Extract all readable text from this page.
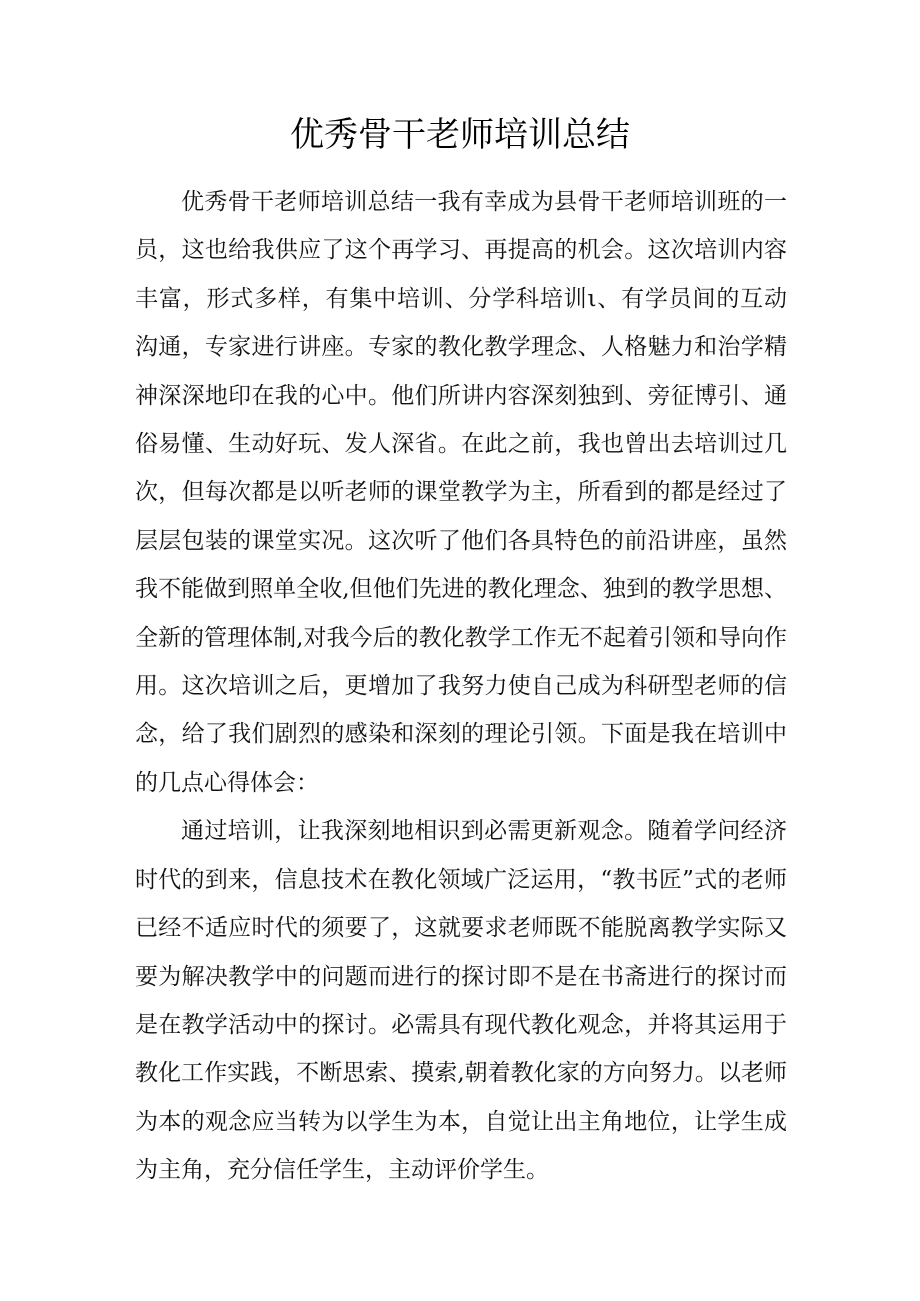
优秀骨干老师培训总结

优秀骨干老师培训总结一我有幸成为县骨干老师培训班的一员，这也给我供应了这个再学习、再提高的机会。这次培训内容丰富，形式多样，有集中培训、分学科培训ι、有学员间的互动沟通，专家进行讲座。专家的教化教学理念、人格魅力和治学精神深深地印在我的心中。他们所讲内容深刻独到、旁征博引、通俗易懂、生动好玩、发人深省。在此之前，我也曾出去培训过几次，但每次都是以听老师的课堂教学为主，所看到的都是经过了层层包装的课堂实况。这次听了他们各具特色的前沿讲座，虽然我不能做到照单全收,但他们先进的教化理念、独到的教学思想、全新的管理体制,对我今后的教化教学工作无不起着引领和导向作用。这次培训之后，更增加了我努力使自己成为科研型老师的信念，给了我们剧烈的感染和深刻的理论引领。下面是我在培训中的几点心得体会：

通过培训，让我深刻地相识到必需更新观念。随着学问经济时代的到来，信息技术在教化领域广泛运用，“教书匠”式的老师已经不适应时代的须要了，这就要求老师既不能脱离教学实际又要为解决教学中的问题而进行的探讨即不是在书斋进行的探讨而是在教学活动中的探讨。必需具有现代教化观念，并将其运用于教化工作实践，不断思索、摸索,朝着教化家的方向努力。以老师为本的观念应当转为以学生为本，自觉让出主角地位，让学生成为主角，充分信任学生，主动评价学生。
